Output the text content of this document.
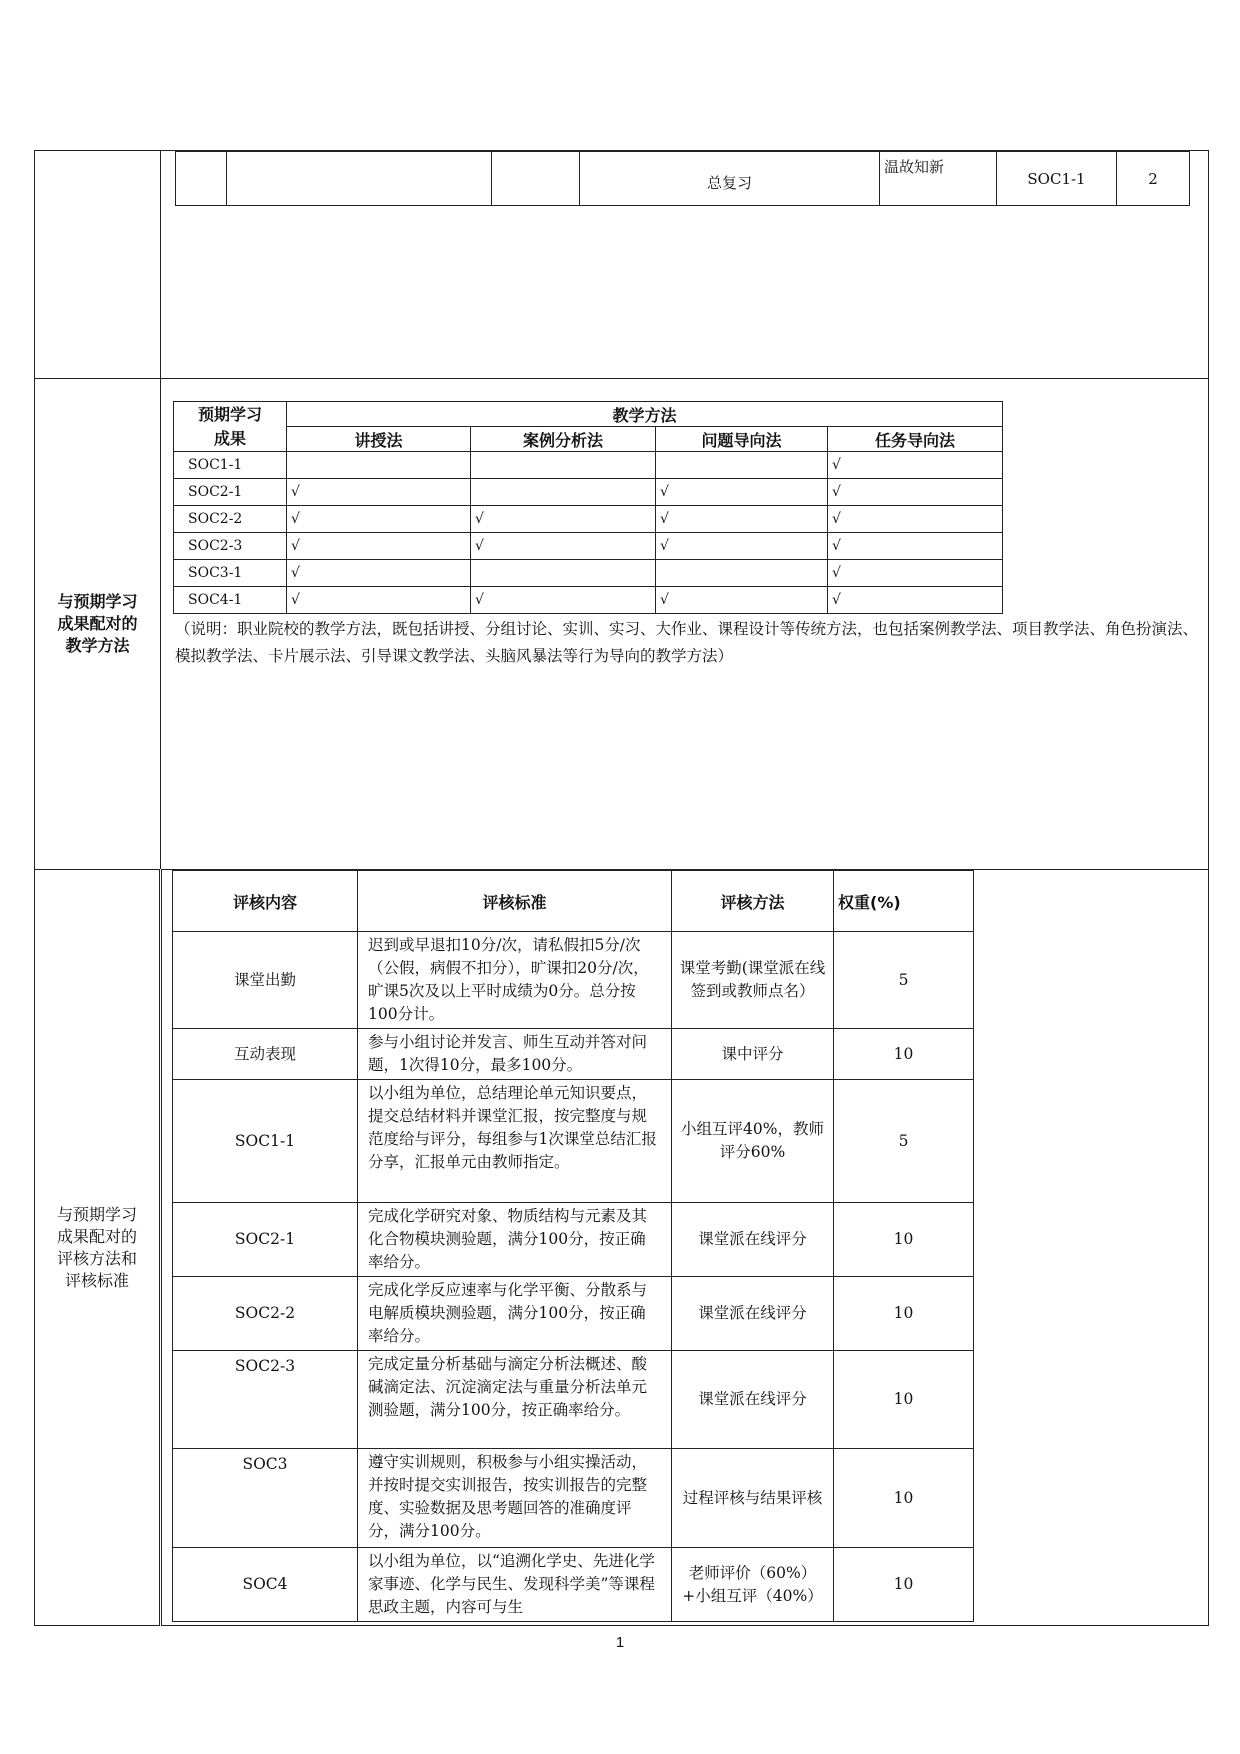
			总复习	温故知新	SOC1-1	2

与预期学习
成果配对的
教学方法

预期学习
成果
	教学方法
讲授法	案例分析法	问题导向法	任务导向法
SOC1-1				√
SOC2-1	√		√	√
SOC2-2	√	√	√	√
SOC2-3	√	√	√	√
SOC3-1	√			√
SOC4-1	√	√	√	√

（说明：职业院校的教学方法，既包括讲授、分组讨论、实训、实习、大作业、课程设计等传统方法，也包括案例教学法、项目教学法、角色扮演法、模拟教学法、卡片展示法、引导课文教学法、头脑风暴法等行为导向的教学方法）

与预期学习
成果配对的
评核方法和
评核标准

评核内容	评核标准	评核方法	权重(%)
课堂出勤	迟到或早退扣10分/次，请私假扣5分/次（公假，病假不扣分），旷课扣20分/次，旷课5次及以上平时成绩为0分。总分按100分计。	课堂考勤(课堂派在线签到或教师点名）	5
互动表现	参与小组讨论并发言、师生互动并答对问题，1次得10分，最多100分。	课中评分	10
SOC1-1	以小组为单位，总结理论单元知识要点，提交总结材料并课堂汇报，按完整度与规范度给与评分，每组参与1次课堂总结汇报分享，汇报单元由教师指定。	小组互评40%，教师评分60%	5
SOC2-1	完成化学研究对象、物质结构与元素及其化合物模块测验题，满分100分，按正确率给分。	课堂派在线评分	10
SOC2-2	完成化学反应速率与化学平衡、分散系与电解质模块测验题，满分100分，按正确率给分。	课堂派在线评分	10
SOC2-3	完成定量分析基础与滴定分析法概述、酸碱滴定法、沉淀滴定法与重量分析法单元测验题，满分100分，按正确率给分。	课堂派在线评分	10
SOC3	遵守实训规则，积极参与小组实操活动，并按时提交实训报告，按实训报告的完整度、实验数据及思考题回答的准确度评分，满分100分。	过程评核与结果评核	10
SOC4	以小组为单位，以“追溯化学史、先进化学家事迹、化学与民生、发现科学美”等课程思政主题，内容可与生	老师评价（60%）+小组互评（40%）	10
1
